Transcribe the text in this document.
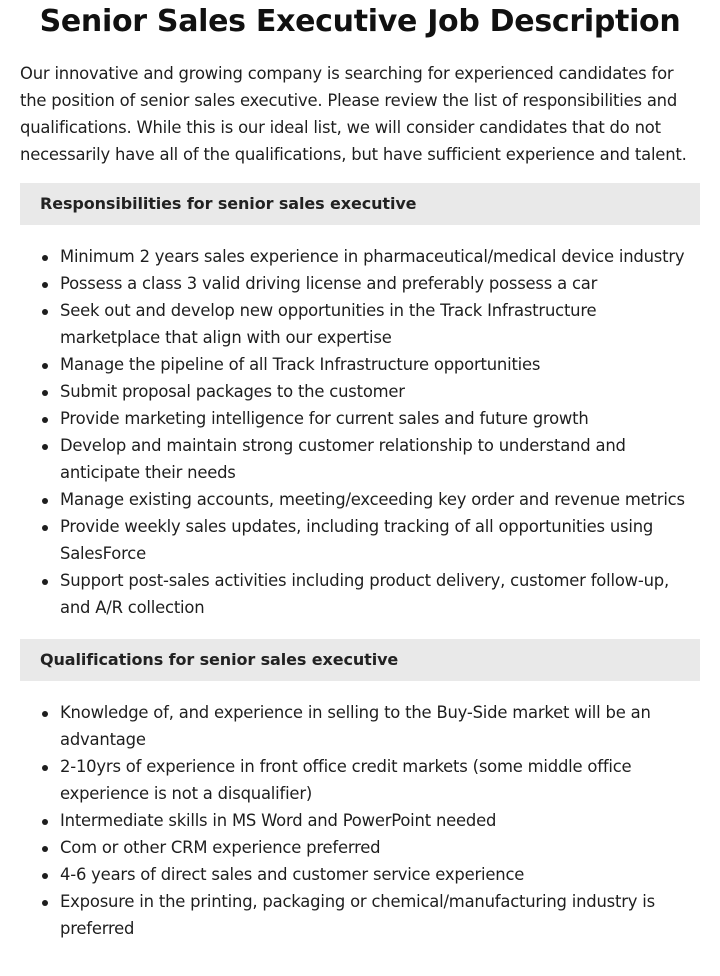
Senior Sales Executive Job Description

Our innovative and growing company is searching for experienced candidates for the position of senior sales executive. Please review the list of responsibilities and qualifications. While this is our ideal list, we will consider candidates that do not necessarily have all of the qualifications, but have sufficient experience and talent.

Responsibilities for senior sales executive
Minimum 2 years sales experience in pharmaceutical/medical device industry
Possess a class 3 valid driving license and preferably possess a car
Seek out and develop new opportunities in the Track Infrastructure marketplace that align with our expertise
Manage the pipeline of all Track Infrastructure opportunities
Submit proposal packages to the customer
Provide marketing intelligence for current sales and future growth
Develop and maintain strong customer relationship to understand and anticipate their needs
Manage existing accounts, meeting/exceeding key order and revenue metrics
Provide weekly sales updates, including tracking of all opportunities using SalesForce
Support post-sales activities including product delivery, customer follow-up, and A/R collection
Qualifications for senior sales executive
Knowledge of, and experience in selling to the Buy-Side market will be an advantage
2-10yrs of experience in front office credit markets (some middle office experience is not a disqualifier)
Intermediate skills in MS Word and PowerPoint needed
Com or other CRM experience preferred
4-6 years of direct sales and customer service experience
Exposure in the printing, packaging or chemical/manufacturing industry is preferred
